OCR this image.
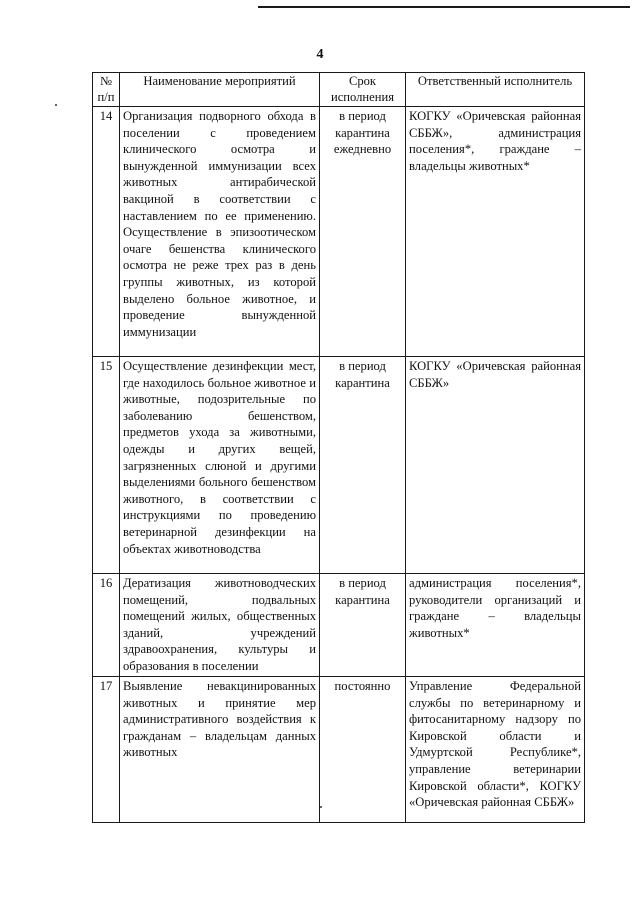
4
№ п/п	Наименование мероприятий	Срок исполнения	Ответственный исполнитель
14	Организация подворного обхода в поселении с проведением клинического осмотра и вынужденной иммунизации всех животных антирабической вакциной в соответствии с наставлением по ее применению. Осуществление в эпизоотическом очаге бешенства клинического осмотра не реже трех раз в день группы животных, из которой выделено больное животное, и проведение вынужденной иммунизации	в период карантина ежедневно	КОГКУ «Оричевская районная СББЖ», администрация поселения*, граждане – владельцы животных*
15	Осуществление дезинфекции мест, где находилось больное животное и животные, подозрительные по заболеванию бешенством, предметов ухода за животными, одежды и других вещей, загрязненных слюной и другими выделениями больного бешенством животного, в соответствии с инструкциями по проведению ветеринарной дезинфекции на объектах животноводства	в период карантина	КОГКУ «Оричевская районная СББЖ»
16	Дератизация животноводческих помещений, подвальных помещений жилых, общественных зданий, учреждений здравоохранения, культуры и образования в поселении	в период карантина	администрация поселения*, руководители организаций и граждане – владельцы животных*
17	Выявление невакцинированных животных и принятие мер административного воздействия к гражданам – владельцам данных животных	постоянно	Управление Федеральной службы по ветеринарному и фитосанитарному надзору по Кировской области и Удмуртской Республике*, управление ветеринарии Кировской области*, КОГКУ «Оричевская районная СББЖ»
